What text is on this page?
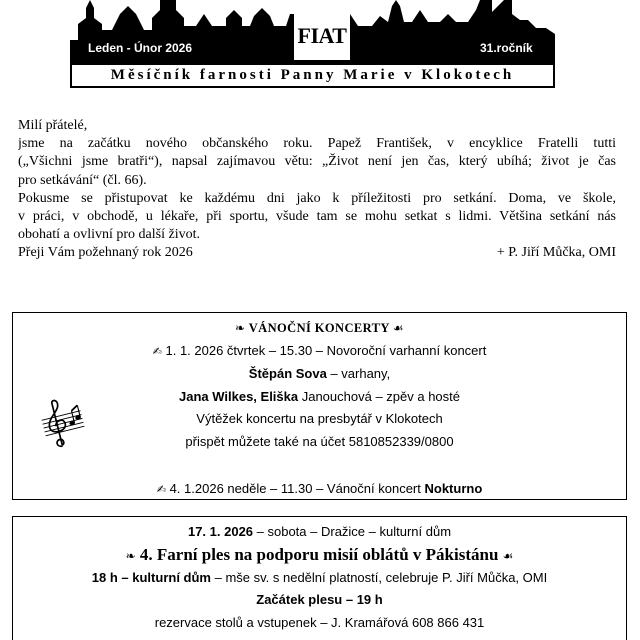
Leden - Únor 2026	FIAT	31.ročník
Měsíčník farnosti Panny Marie v Klokotech
Milí přátelé,
jsme na začátku nového občanského roku. Papež František, v encyklice Fratelli tutti
(„Všichni jsme bratři“), napsal zajímavou větu: „Život není jen čas, který ubíhá; život je čas
pro setkávání“ (čl. 66).
Pokusme se přistupovat ke každému dni jako k příležitosti pro setkání. Doma, ve škole,
v práci, v obchodě, u lékaře, při sportu, všude tam se mohu setkat s lidmi. Většina setkání nás
obohatí a ovlivní pro další život.
Přeji Vám požehnaný rok 2026	+ P. Jiří Můčka, OMI
❧ VÁNOČNÍ KONCERTY ☙
✍ 1. 1. 2026 čtvrtek – 15.30 – Novoroční varhanní koncert
Štěpán Sova – varhany,
Jana Wilkes, Eliška Janouchová – zpěv a hosté
Výtěžek koncertu na presbytář v Klokotech
přispět můžete také na účet 5810852339/0800
✍ 4. 1.2026 neděle – 11.30 – Vánoční koncert Nokturno
17. 1. 2026 – sobota – Dražice – kulturní dům
❧ 4. Farní ples na podporu misií oblátů v Pákistánu ☙
18 h – kulturní dům – mše sv. s nedělní platností, celebruje P. Jiří Můčka, OMI
Začátek plesu – 19 h
rezervace stolů a vstupenek – J. Kramářová 608 866 431
